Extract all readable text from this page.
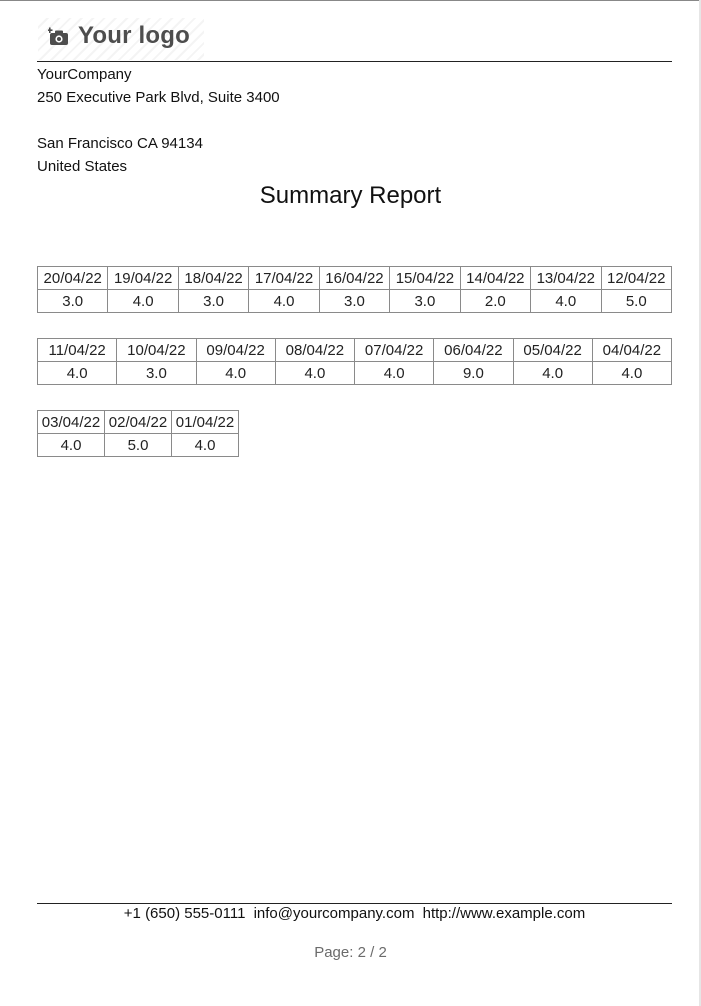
Your logo
YourCompany
250 Executive Park Blvd, Suite 3400
San Francisco CA 94134
United States
Summary Report
20/04/22	19/04/22	18/04/22	17/04/22	16/04/22	15/04/22	14/04/22	13/04/22	12/04/22
3.0	4.0	3.0	4.0	3.0	3.0	2.0	4.0	5.0
11/04/22	10/04/22	09/04/22	08/04/22	07/04/22	06/04/22	05/04/22	04/04/22
4.0	3.0	4.0	4.0	4.0	9.0	4.0	4.0
03/04/22	02/04/22	01/04/22
4.0	5.0	4.0
+1 (650) 555-0111 info@yourcompany.com http://www.example.com
Page: 2 / 2
